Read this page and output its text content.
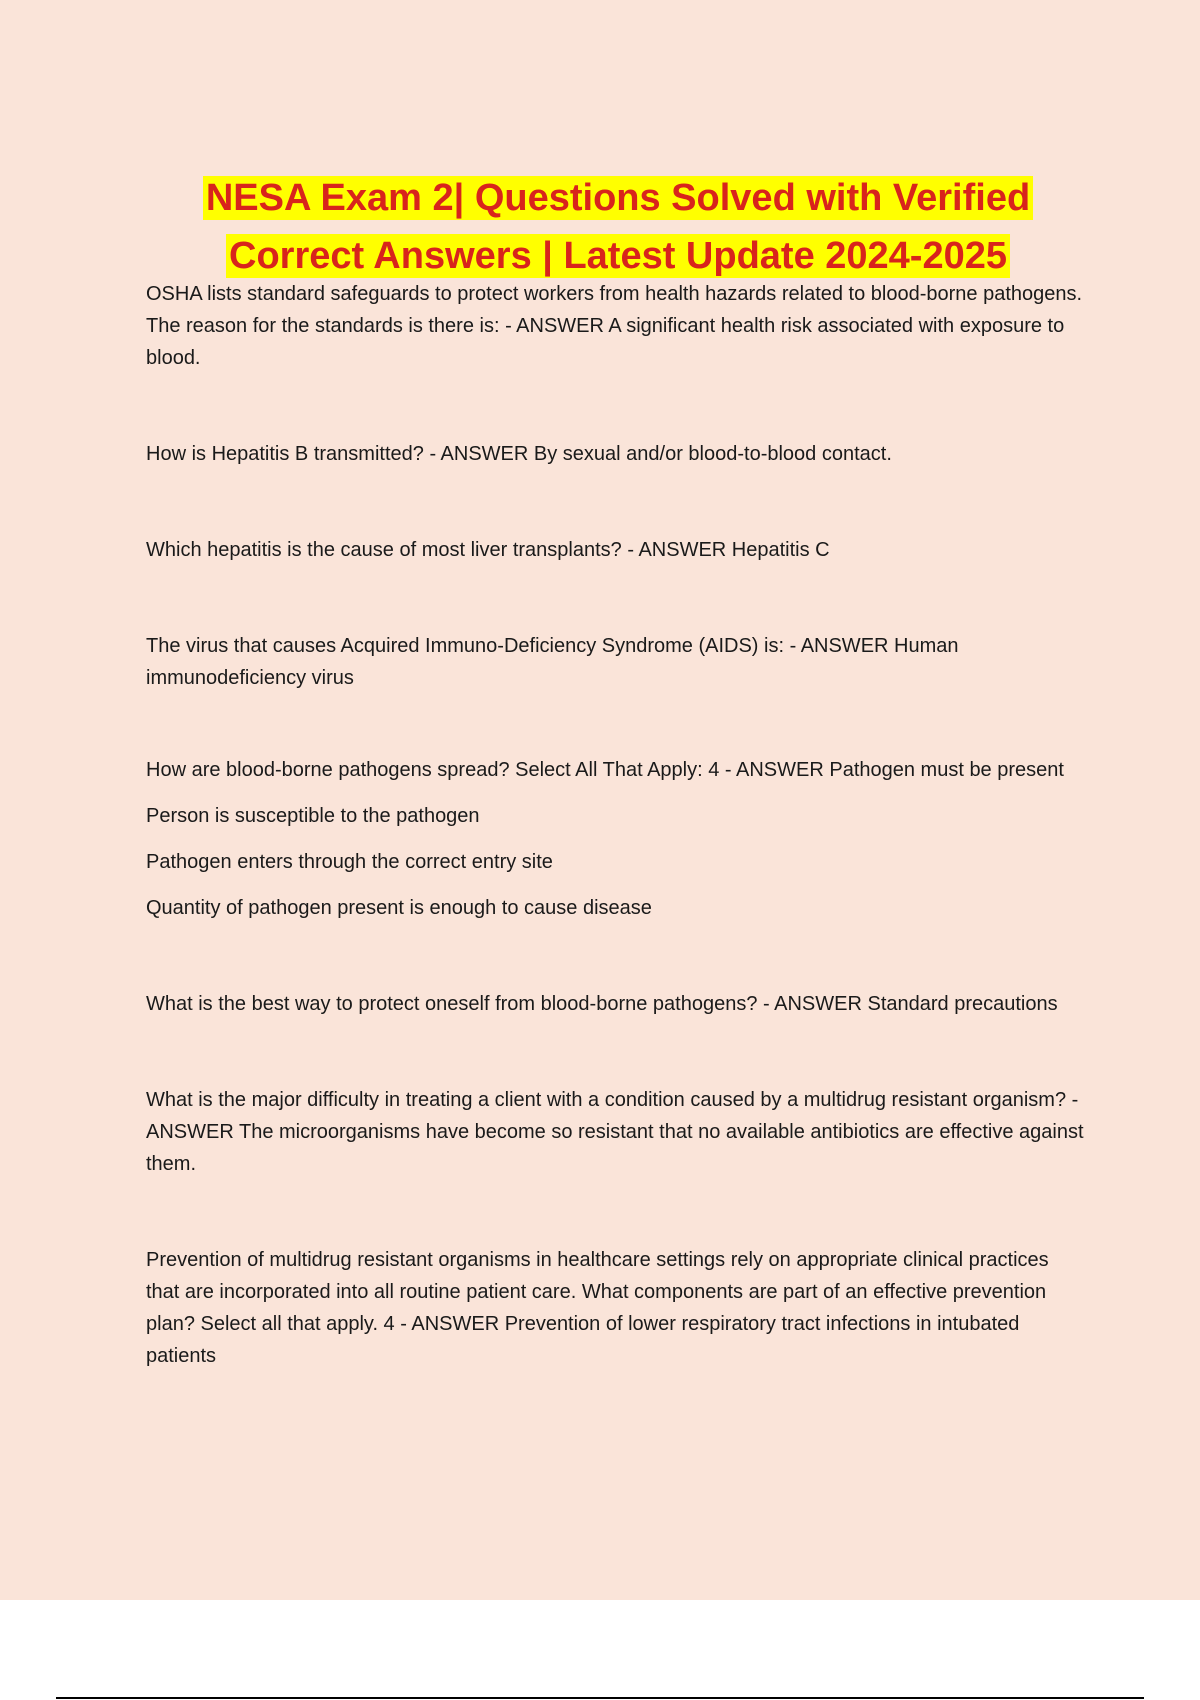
NESA Exam 2| Questions Solved with Verified
Correct Answers | Latest Update 2024-2025

OSHA lists standard safeguards to protect workers from health hazards related to blood-borne pathogens. The reason for the standards is there is: - ANSWER A significant health risk associated with exposure to blood.

How is Hepatitis B transmitted? - ANSWER By sexual and/or blood-to-blood contact.

Which hepatitis is the cause of most liver transplants? - ANSWER Hepatitis C

The virus that causes Acquired Immuno-Deficiency Syndrome (AIDS) is: - ANSWER Human immunodeficiency virus

How are blood-borne pathogens spread? Select All That Apply: 4 - ANSWER Pathogen must be present

Person is susceptible to the pathogen

Pathogen enters through the correct entry site

Quantity of pathogen present is enough to cause disease

What is the best way to protect oneself from blood-borne pathogens? - ANSWER Standard precautions

What is the major difficulty in treating a client with a condition caused by a multidrug resistant organism? - ANSWER The microorganisms have become so resistant that no available antibiotics are effective against them.

Prevention of multidrug resistant organisms in healthcare settings rely on appropriate clinical practices that are incorporated into all routine patient care. What components are part of an effective prevention plan? Select all that apply. 4 - ANSWER Prevention of lower respiratory tract infections in intubated patients
